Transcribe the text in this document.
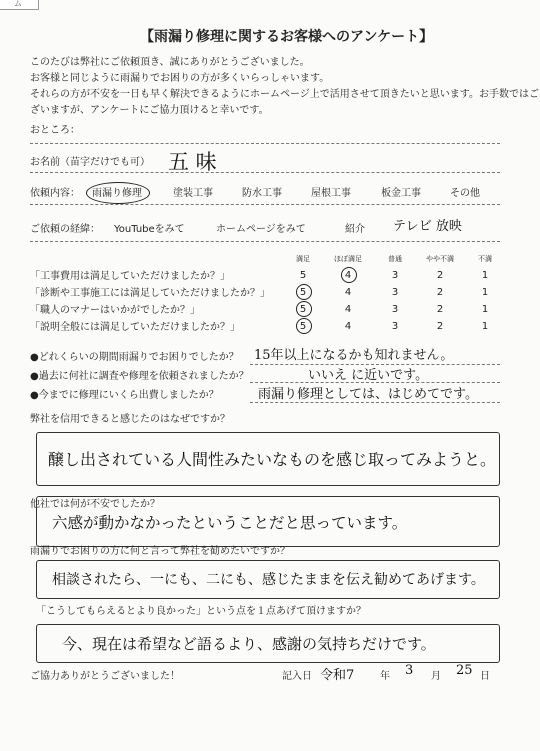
ム
【雨漏り修理に関するお客様へのアンケート】
このたびは弊社にご依頼頂き、誠にありがとうございました。
お客様と同じように雨漏りでお困りの方が多くいらっしゃいます。
それらの方が不安を一日も早く解決できるようにホームページ上で活用させて頂きたいと思います。お手数ではご
ざいますが、アンケートにご協力頂けると幸いです。
おところ：
お名前（苗字だけでも可） 五 味
依頼内容： 雨漏り修理	塗装工事	防水工事	屋根工事	板金工事	その他
ご依頼の経緯： YouTubeをみて	ホームページをみて	紹介 テレビ 放映
満足	ほぼ満足	普通	やや不満	不満
「工事費用は満足していただけましたか？」	5	4	3	2	1
「診断や工事施工には満足していただけましたか？」	5	4	3	2	1
「職人のマナーはいかがでしたか？」	5	4	3	2	1
「説明全般には満足していただけましたか？」	5	4	3	2	1
●どれくらいの期間雨漏りでお困りでしたか？ 15年以上になるかも知れません。
●過去に何社に調査や修理を依頼されましたか？	いいえ に近いです。
●今までに修理にいくら出費しましたか？	雨漏り修理としては、はじめてです。
弊社を信用できると感じたのはなぜですか？
醸し出されている人間性みたいなものを感じ取ってみようと。
他社では何が不安でしたか？
六感が動かなかったということだと思っています。
雨漏りでお困りの方に何と言って弊社を勧めたいですか？
相談されたら、一にも、二にも、感じたままを伝え勧めてあげます。
「こうしてもらえるとより良かった」という点を１点あげて頂けますか？
今、現在は希望など語るより、感謝の気持ちだけです。
ご協力ありがとうございました！	記入日 令和7	年 3 月 25 日
